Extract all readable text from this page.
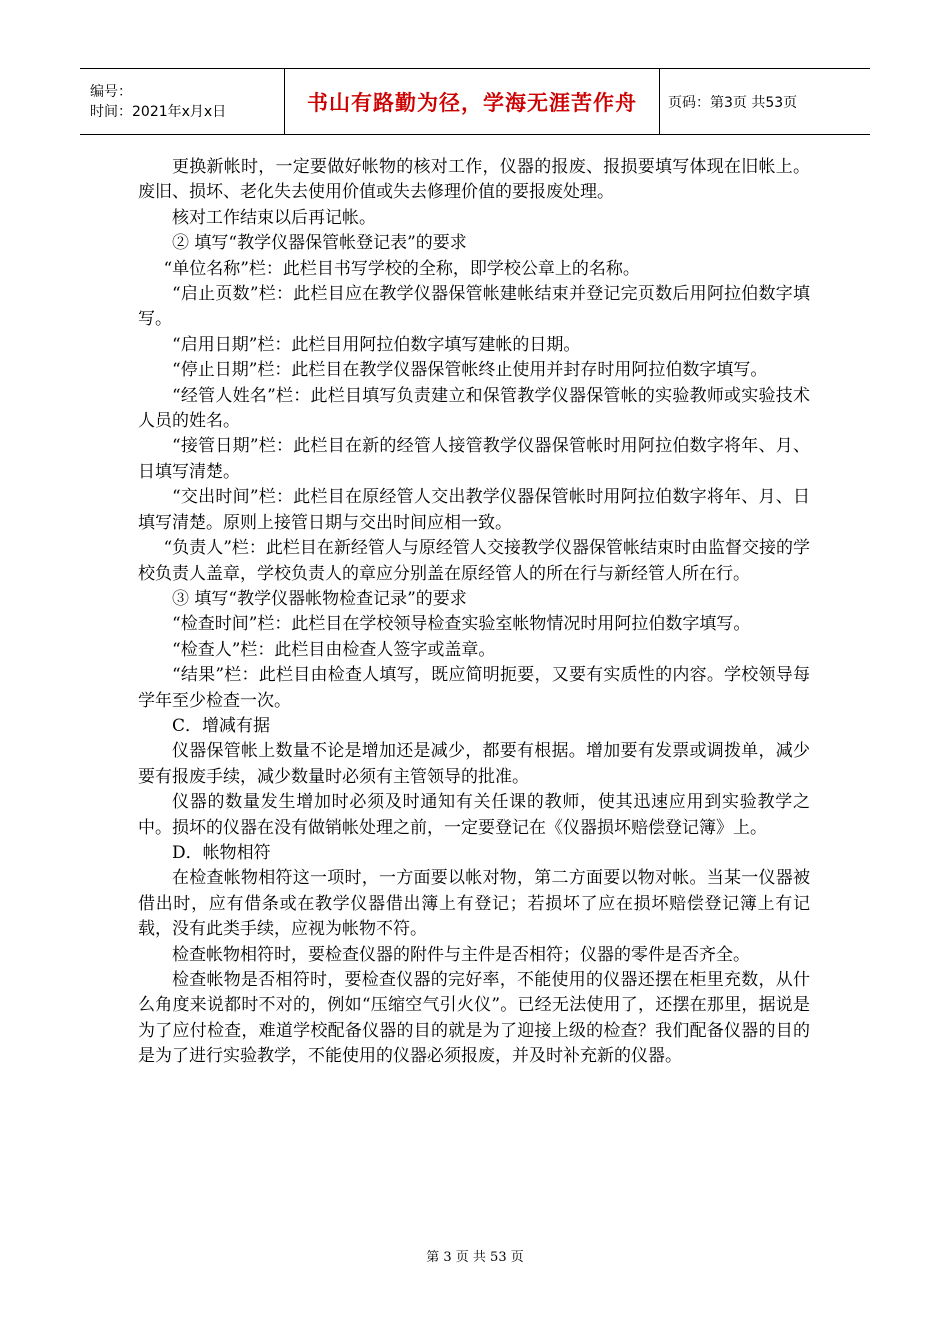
编号：
时间：2021年x月x日	书山有路勤为径，学海无涯苦作舟	页码：第3页 共53页

更换新帐时，一定要做好帐物的核对工作，仪器的报废、报损要填写体现在旧帐上。废旧、损坏、老化失去使用价值或失去修理价值的要报废处理。

核对工作结束以后再记帐。

② 填写“教学仪器保管帐登记表”的要求

“单位名称”栏：此栏目书写学校的全称，即学校公章上的名称。

“启止页数”栏：此栏目应在教学仪器保管帐建帐结束并登记完页数后用阿拉伯数字填写。

“启用日期”栏：此栏目用阿拉伯数字填写建帐的日期。

“停止日期”栏：此栏目在教学仪器保管帐终止使用并封存时用阿拉伯数字填写。

“经管人姓名”栏：此栏目填写负责建立和保管教学仪器保管帐的实验教师或实验技术人员的姓名。

“接管日期”栏：此栏目在新的经管人接管教学仪器保管帐时用阿拉伯数字将年、月、日填写清楚。

“交出时间”栏：此栏目在原经管人交出教学仪器保管帐时用阿拉伯数字将年、月、日填写清楚。原则上接管日期与交出时间应相一致。

“负责人”栏：此栏目在新经管人与原经管人交接教学仪器保管帐结束时由监督交接的学校负责人盖章，学校负责人的章应分别盖在原经管人的所在行与新经管人所在行。

③ 填写“教学仪器帐物检查记录”的要求

“检查时间”栏：此栏目在学校领导检查实验室帐物情况时用阿拉伯数字填写。

“检查人”栏：此栏目由检查人签字或盖章。

“结果”栏：此栏目由检查人填写，既应简明扼要，又要有实质性的内容。学校领导每学年至少检查一次。

C．增减有据

仪器保管帐上数量不论是增加还是减少，都要有根据。增加要有发票或调拨单，减少要有报废手续，减少数量时必须有主管领导的批准。

仪器的数量发生增加时必须及时通知有关任课的教师，使其迅速应用到实验教学之中。损坏的仪器在没有做销帐处理之前，一定要登记在《仪器损坏赔偿登记簿》上。

D．帐物相符

在检查帐物相符这一项时，一方面要以帐对物，第二方面要以物对帐。当某一仪器被借出时，应有借条或在教学仪器借出簿上有登记；若损坏了应在损坏赔偿登记簿上有记载，没有此类手续，应视为帐物不符。

检查帐物相符时，要检查仪器的附件与主件是否相符；仪器的零件是否齐全。

检查帐物是否相符时，要检查仪器的完好率，不能使用的仪器还摆在柜里充数，从什么角度来说都时不对的，例如“压缩空气引火仪”。已经无法使用了，还摆在那里，据说是为了应付检查，难道学校配备仪器的目的就是为了迎接上级的检查？我们配备仪器的目的是为了进行实验教学，不能使用的仪器必须报废，并及时补充新的仪器。

第 3 页 共 53 页
